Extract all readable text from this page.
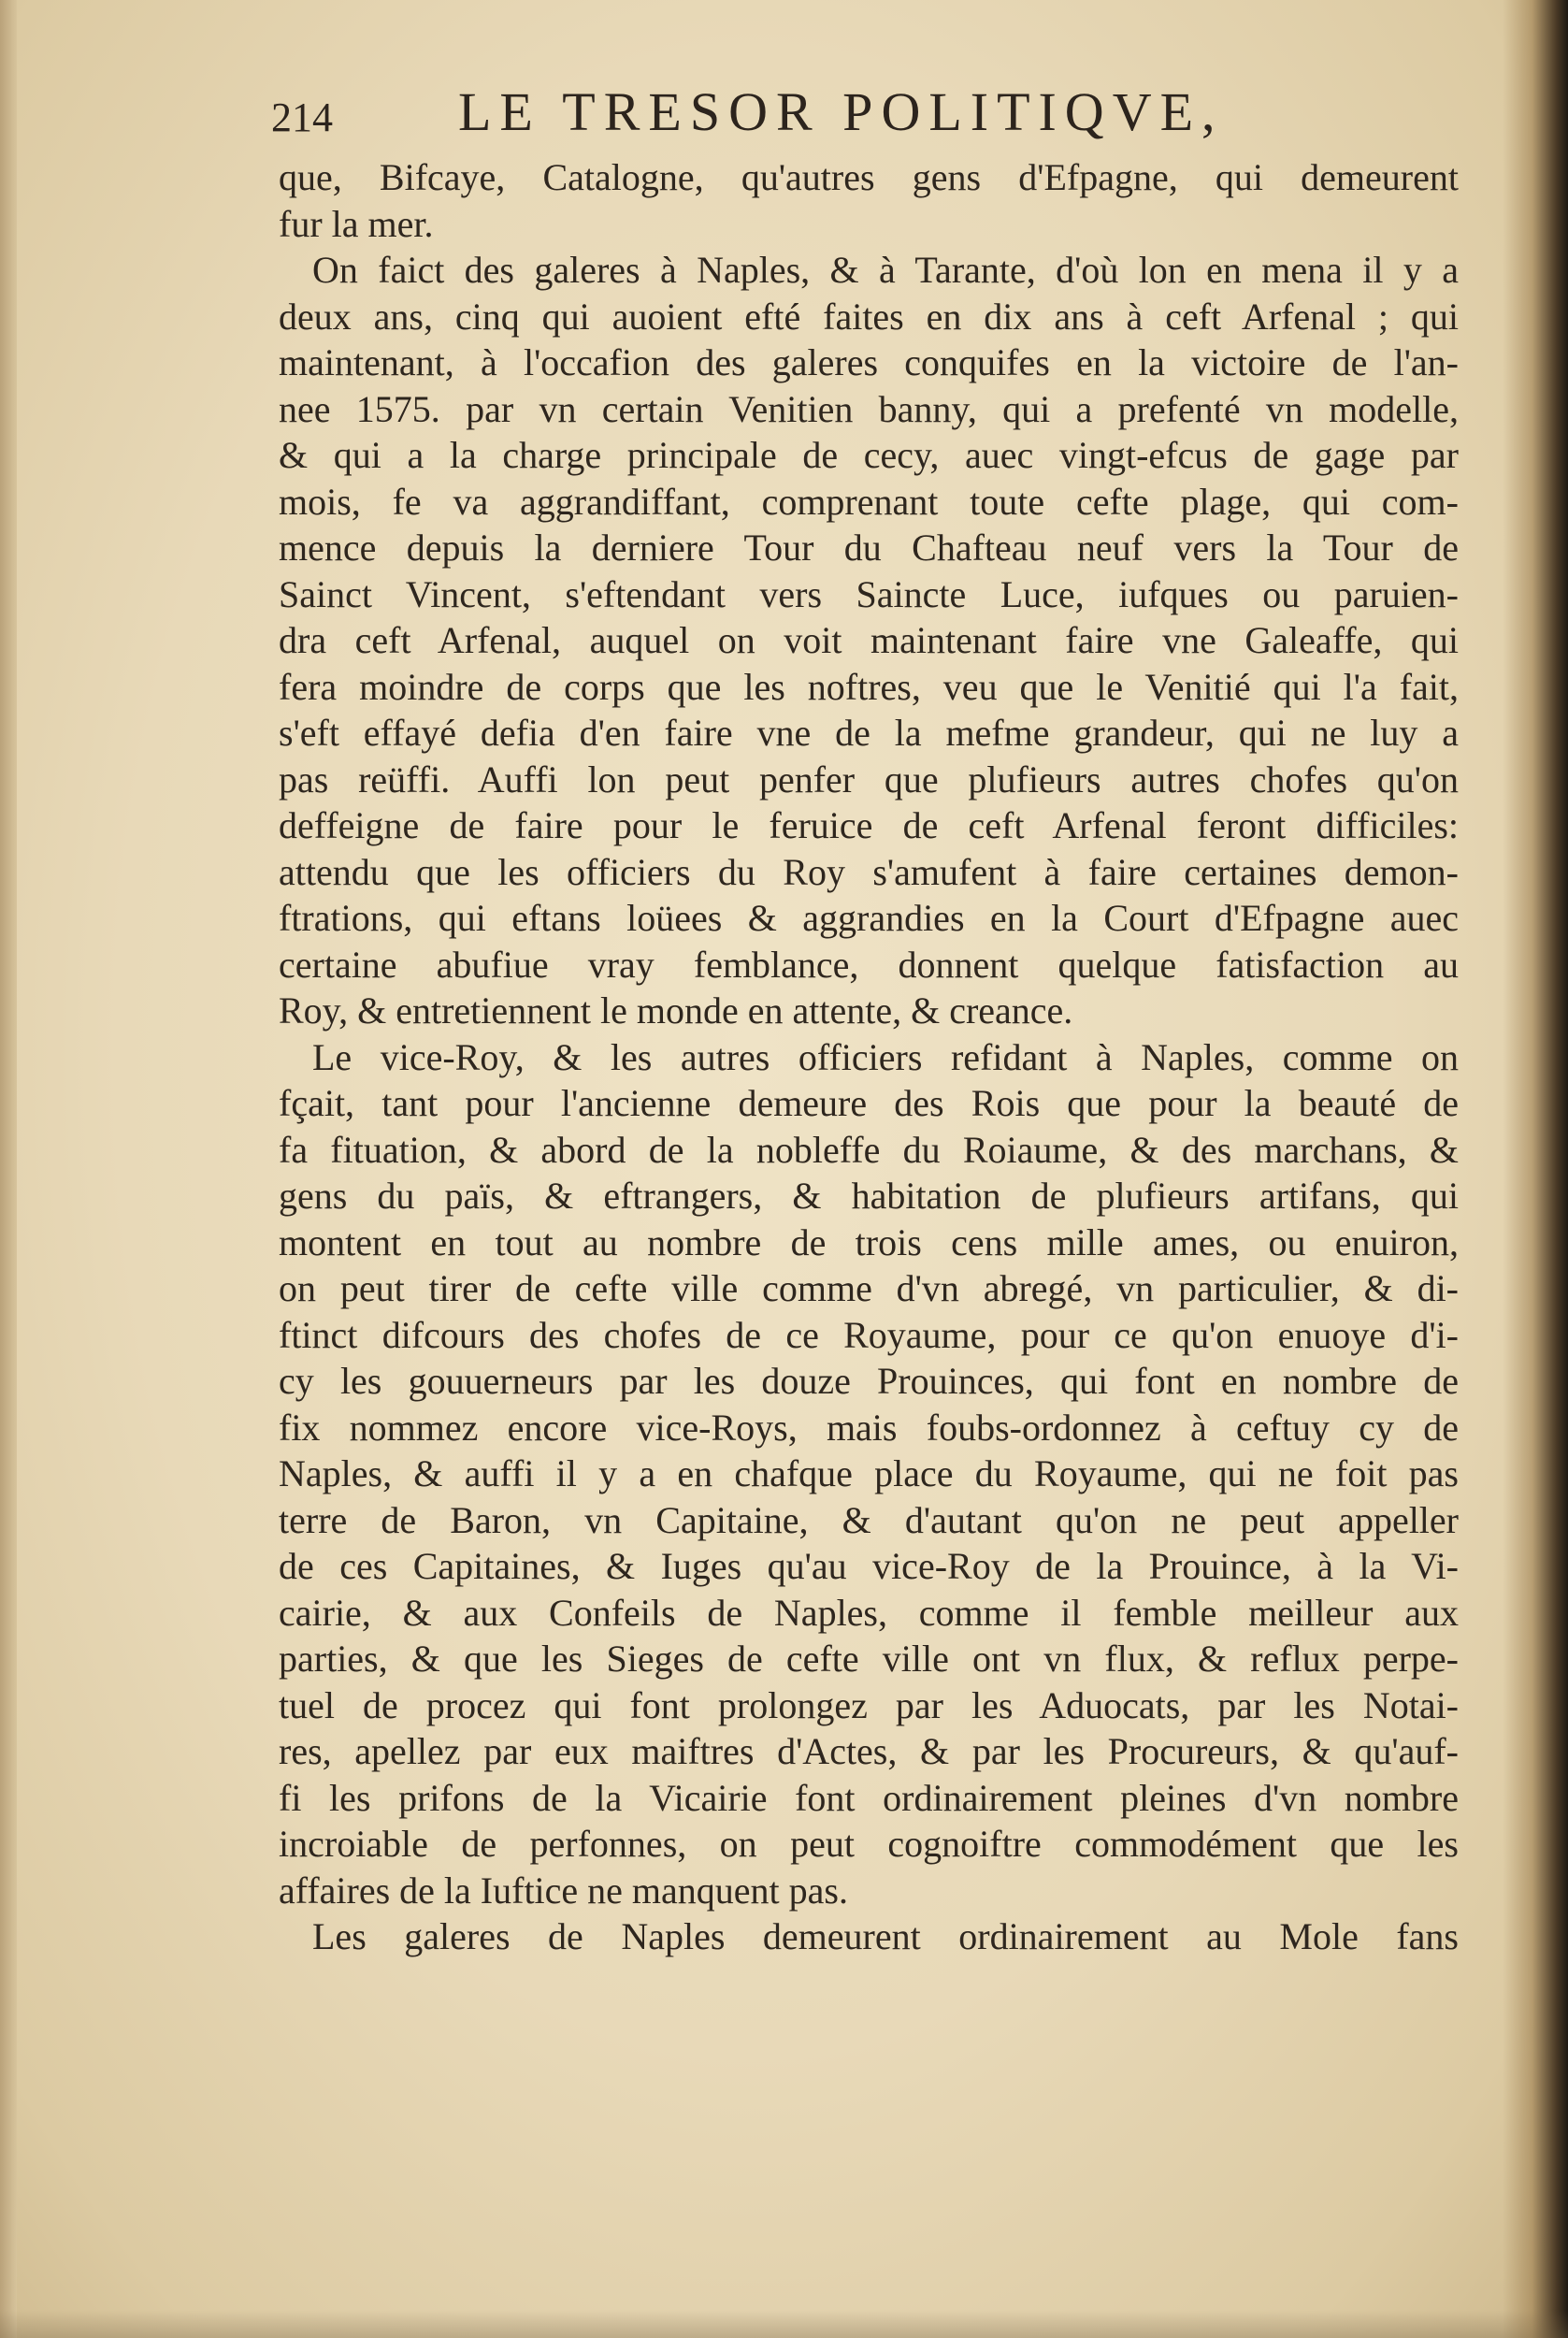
214 LE TRESOR POLITIQVE,
que, Bifcaye, Catalogne, qu'autres gens d'Efpagne, qui demeurent
fur la mer.
On faict des galeres à Naples, & à Tarante, d'où lon en mena il y a
deux ans, cinq qui auoient efté faites en dix ans à ceft Arfenal ; qui
maintenant, à l'occafion des galeres conquifes en la victoire de l'an-
nee 1575. par vn certain Venitien banny, qui a prefenté vn modelle,
& qui a la charge principale de cecy, auec vingt-efcus de gage par
mois, fe va aggrandiffant, comprenant toute cefte plage, qui com-
mence depuis la derniere Tour du Chafteau neuf vers la Tour de
Sainct Vincent, s'eftendant vers Saincte Luce, iufques ou paruien-
dra ceft Arfenal, auquel on voit maintenant faire vne Galeaffe, qui
fera moindre de corps que les noftres, veu que le Venitié qui l'a fait,
s'eft effayé defia d'en faire vne de la mefme grandeur, qui ne luy a
pas reüffi. Auffi lon peut penfer que plufieurs autres chofes qu'on
deffeigne de faire pour le feruice de ceft Arfenal feront difficiles:
attendu que les officiers du Roy s'amufent à faire certaines demon-
ftrations, qui eftans loüees & aggrandies en la Court d'Efpagne auec
certaine abufiue vray femblance, donnent quelque fatisfaction au
Roy, & entretiennent le monde en attente, & creance.
Le vice-Roy, & les autres officiers refidant à Naples, comme on
fçait, tant pour l'ancienne demeure des Rois que pour la beauté de
fa fituation, & abord de la nobleffe du Roiaume, & des marchans, &
gens du païs, & eftrangers, & habitation de plufieurs artifans, qui
montent en tout au nombre de trois cens mille ames, ou enuiron,
on peut tirer de cefte ville comme d'vn abregé, vn particulier, & di-
ftinct difcours des chofes de ce Royaume, pour ce qu'on enuoye d'i-
cy les gouuerneurs par les douze Prouinces, qui font en nombre de
fix nommez encore vice-Roys, mais foubs-ordonnez à ceftuy cy de
Naples, & auffi il y a en chafque place du Royaume, qui ne foit pas
terre de Baron, vn Capitaine, & d'autant qu'on ne peut appeller
de ces Capitaines, & Iuges qu'au vice-Roy de la Prouince, à la Vi-
cairie, & aux Confeils de Naples, comme il femble meilleur aux
parties, & que les Sieges de cefte ville ont vn flux, & reflux perpe-
tuel de procez qui font prolongez par les Aduocats, par les Notai-
res, apellez par eux maiftres d'Actes, & par les Procureurs, & qu'auf-
fi les prifons de la Vicairie font ordinairement pleines d'vn nombre
incroiable de perfonnes, on peut cognoiftre commodément que les
affaires de la Iuftice ne manquent pas.
Les galeres de Naples demeurent ordinairement au Mole fans
